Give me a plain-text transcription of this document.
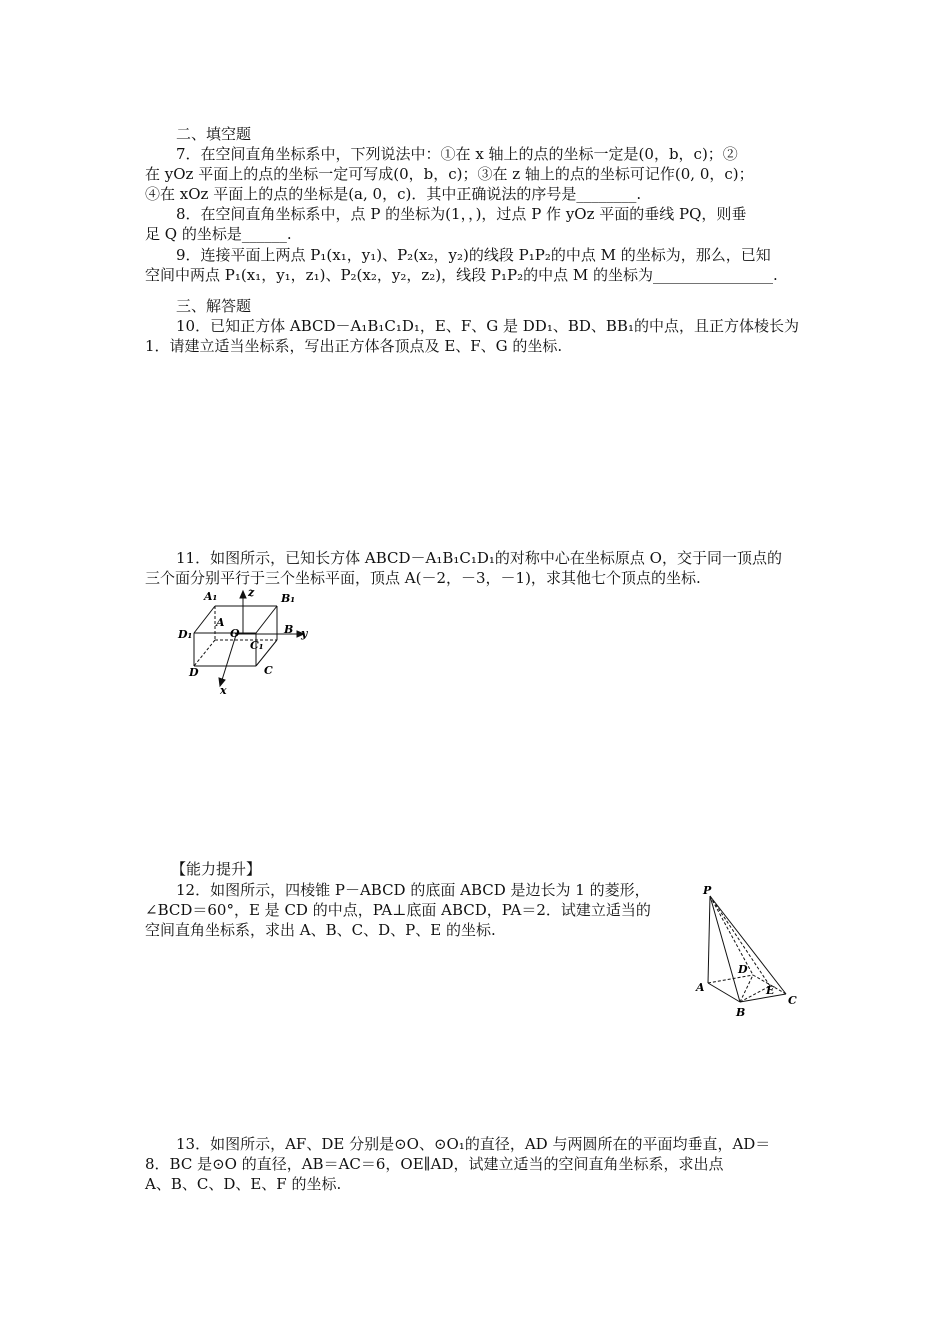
二、填空题
7．在空间直角坐标系中，下列说法中：①在 x 轴上的点的坐标一定是(0，b，c)；②
在 yOz 平面上的点的坐标一定可写成(0，b，c)；③在 z 轴上的点的坐标可记作(0, 0，c)；
④在 xOz 平面上的点的坐标是(a, 0，c)．其中正确说法的序号是________.
8．在空间直角坐标系中，点 P 的坐标为(1，，)，过点 P 作 yOz 平面的垂线 PQ，则垂
足 Q 的坐标是______.
9．连接平面上两点 P₁(x₁，y₁)、P₂(x₂，y₂)的线段 P₁P₂的中点 M 的坐标为，那么，已知
空间中两点 P₁(x₁，y₁，z₁)、P₂(x₂，y₂，z₂)，线段 P₁P₂的中点 M 的坐标为________________.
三、解答题
10．已知正方体 ABCD－A₁B₁C₁D₁，E、F、G 是 DD₁、BD、BB₁的中点，且正方体棱长为
1．请建立适当坐标系，写出正方体各顶点及 E、F、G 的坐标.
11．如图所示，已知长方体 ABCD－A₁B₁C₁D₁的对称中心在坐标原点 O，交于同一顶点的
三个面分别平行于三个坐标平面，顶点 A(－2，－3，－1)，求其他七个顶点的坐标.
A₁	B₁
z
A
D₁	O	B y
C₁
D	C
x
【能力提升】
12．如图所示，四棱锥 P－ABCD 的底面 ABCD 是边长为 1 的菱形，
∠BCD＝60°，E 是 CD 的中点，PA⊥底面 ABCD，PA＝2．试建立适当的
空间直角坐标系，求出 A、B、C、D、P、E 的坐标.
P
A
B
C
D
E
13．如图所示，AF、DE 分别是⊙O、⊙O₁的直径，AD 与两圆所在的平面均垂直，AD＝
8．BC 是⊙O 的直径，AB＝AC＝6，OE∥AD，试建立适当的空间直角坐标系，求出点
A、B、C、D、E、F 的坐标.
